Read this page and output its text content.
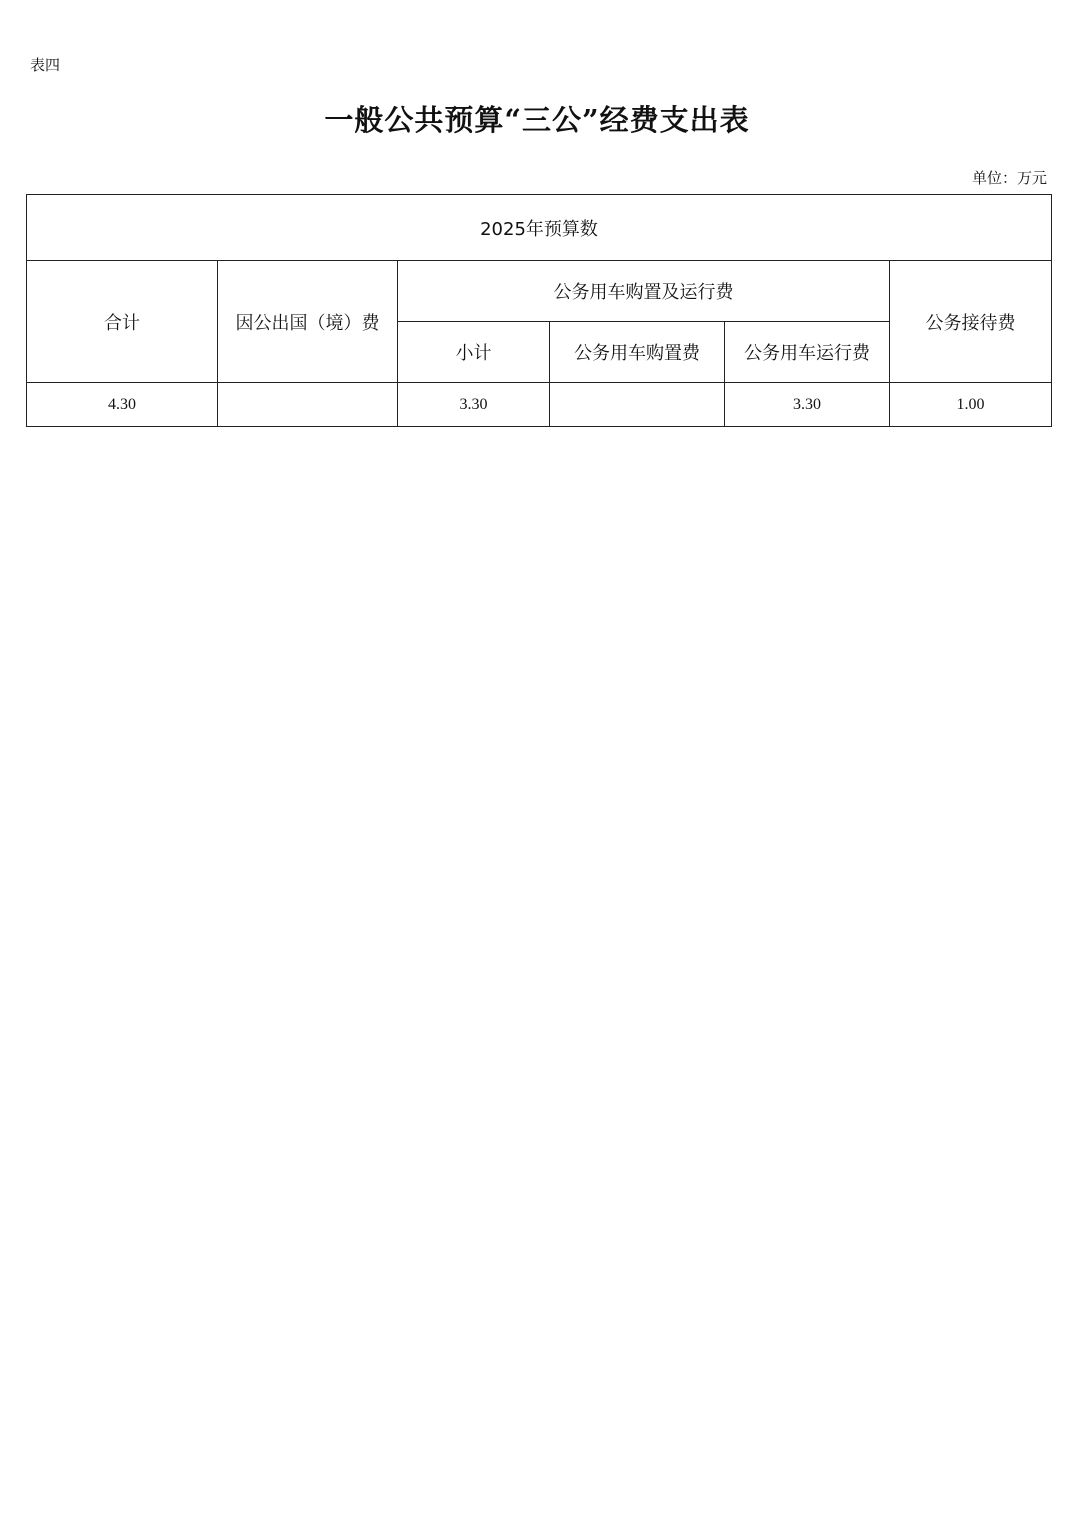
表四
一般公共预算“三公”经费支出表
单位：万元
2025年预算数					
合计	因公出国（境）费	公务用车购置及运行费			公务接待费
		小计	公务用车购置费	公务用车运行费	
4.30		3.30		3.30	1.00
